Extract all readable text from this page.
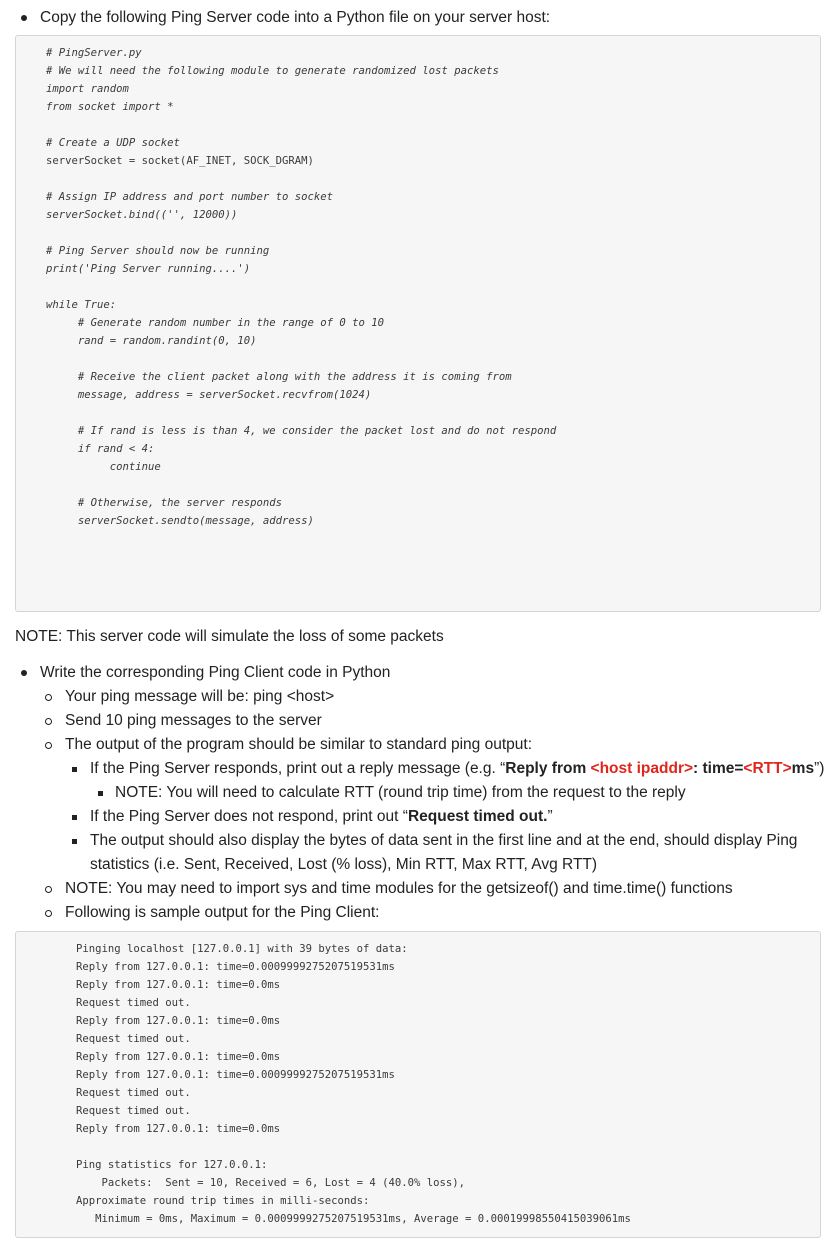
Copy the following Ping Server code into a Python file on your server host:
# PingServer.py
# We will need the following module to generate randomized lost packets
import random
from socket import *

# Create a UDP socket
serverSocket = socket(AF_INET, SOCK_DGRAM)

# Assign IP address and port number to socket
serverSocket.bind(('', 12000))

# Ping Server should now be running
print('Ping Server running....')

while True:
# Generate random number in the range of 0 to 10
rand = random.randint(0, 10)

# Receive the client packet along with the address it is coming from
message, address = serverSocket.recvfrom(1024)

# If rand is less is than 4, we consider the packet lost and do not respond
if rand < 4:
continue

# Otherwise, the server responds
serverSocket.sendto(message, address)
NOTE: This server code will simulate the loss of some packets
Write the corresponding Ping Client code in Python
Your ping message will be: ping <host>
Send 10 ping messages to the server
The output of the program should be similar to standard ping output:
If the Ping Server responds, print out a reply message (e.g. “Reply from <host ipaddr>: time=<RTT>ms”)
NOTE: You will need to calculate RTT (round trip time) from the request to the reply
If the Ping Server does not respond, print out “Request timed out.”
The output should also display the bytes of data sent in the first line and at the end, should display Ping
statistics (i.e. Sent, Received, Lost (% loss), Min RTT, Max RTT, Avg RTT)
NOTE: You may need to import sys and time modules for the getsizeof() and time.time() functions
Following is sample output for the Ping Client:
Pinging localhost [127.0.0.1] with 39 bytes of data:
Reply from 127.0.0.1: time=0.0009999275207519531ms
Reply from 127.0.0.1: time=0.0ms
Request timed out.
Reply from 127.0.0.1: time=0.0ms
Request timed out.
Reply from 127.0.0.1: time=0.0ms
Reply from 127.0.0.1: time=0.0009999275207519531ms
Request timed out.
Request timed out.
Reply from 127.0.0.1: time=0.0ms

Ping statistics for 127.0.0.1:
Packets:  Sent = 10, Received = 6, Lost = 4 (40.0% loss),
Approximate round trip times in milli-seconds:
Minimum = 0ms, Maximum = 0.0009999275207519531ms, Average = 0.00019998550415039061ms
